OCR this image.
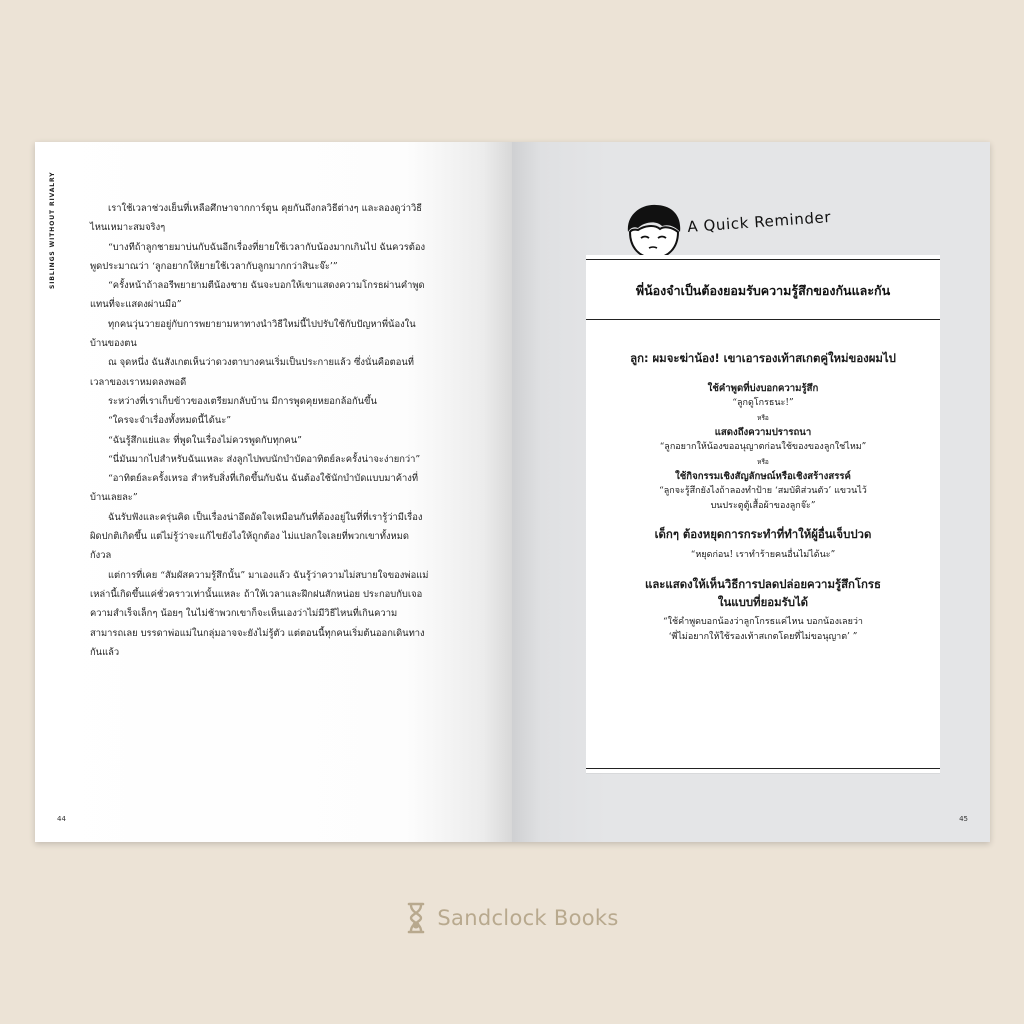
SIBLINGS WITHOUT RIVALRY	เราใช้เวลาช่วงเย็นที่เหลือศึกษาจากการ์ตูน คุยกันถึงกลวิธีต่างๆ และลองดูว่าวิธีไหนเหมาะสมจริงๆ

“บางทีถ้าลูกชายมาบ่นกับฉันอีกเรื่องที่ยายใช้เวลากับน้องมากเกินไป ฉันควรต้องพูดประมาณว่า ‘ลูกอยากให้ยายใช้เวลากับลูกมากกว่าสินะจ๊ะ’”

“ครั้งหน้าถ้าลอรีพยายามตีน้องชาย ฉันจะบอกให้เขาแสดงความโกรธผ่านคำพูดแทนที่จะแสดงผ่านมือ”

ทุกคนวุ่นวายอยู่กับการพยายามหาทางนำวิธีใหม่นี้ไปปรับใช้กับปัญหาพี่น้องในบ้านของตน

ณ จุดหนึ่ง ฉันสังเกตเห็นว่าดวงตาบางคนเริ่มเป็นประกายแล้ว ซึ่งนั่นคือตอนที่เวลาของเราหมดลงพอดี

ระหว่างที่เราเก็บข้าวของเตรียมกลับบ้าน มีการพูดคุยหยอกล้อกันขึ้น

“ใครจะจำเรื่องทั้งหมดนี้ได้นะ”

“ฉันรู้สึกแย่และ ที่พูดในเรื่องไม่ควรพูดกับทุกคน”

“นี่มันมากไปสำหรับฉันแหละ ส่งลูกไปพบนักบำบัดอาทิตย์ละครั้งน่าจะง่ายกว่า”

“อาทิตย์ละครั้งเหรอ สำหรับสิ่งที่เกิดขึ้นกับฉัน ฉันต้องใช้นักบำบัดแบบมาค้างที่บ้านเลยละ”

ฉันรับฟังและครุ่นคิด เป็นเรื่องน่าอึดอัดใจเหมือนกันที่ต้องอยู่ในที่ที่เรารู้ว่ามีเรื่องผิดปกติเกิดขึ้น แต่ไม่รู้ว่าจะแก้ไขยังไงให้ถูกต้อง ไม่แปลกใจเลยที่พวกเขาทั้งหมดกังวล

แต่การที่เคย “สัมผัสความรู้สึกนั้น” มาเองแล้ว ฉันรู้ว่าความไม่สบายใจของพ่อแม่เหล่านี้เกิดขึ้นแค่ชั่วคราวเท่านั้นแหละ ถ้าให้เวลาและฝึกฝนสักหน่อย ประกอบกับเจอความสำเร็จเล็กๆ น้อยๆ ในไม่ช้าพวกเขาก็จะเห็นเองว่าไม่มีวิธีไหนที่เกินความสามารถเลย บรรดาพ่อแม่ในกลุ่มอาจจะยังไม่รู้ตัว แต่ตอนนี้ทุกคนเริ่มต้นออกเดินทางกันแล้ว

44
A Quick Reminder
พี่น้องจำเป็นต้องยอมรับความรู้สึกของกันและกัน

ลูก: ผมจะฆ่าน้อง! เขาเอารองเท้าสเกตคู่ใหม่ของผมไป

ใช้คำพูดที่บ่งบอกความรู้สึก

“ลูกดูโกรธนะ!”

หรือ

แสดงถึงความปรารถนา

“ลูกอยากให้น้องขออนุญาตก่อนใช้ของของลูกใช่ไหม”

หรือ

ใช้กิจกรรมเชิงสัญลักษณ์หรือเชิงสร้างสรรค์

“ลูกจะรู้สึกยังไงถ้าลองทำป้าย ‘สมบัติส่วนตัว’ แขวนไว้

บนประตูตู้เสื้อผ้าของลูกจ๊ะ”

เด็กๆ ต้องหยุดการกระทำที่ทำให้ผู้อื่นเจ็บปวด

“หยุดก่อน! เราทำร้ายคนอื่นไม่ได้นะ”

และแสดงให้เห็นวิธีการปลดปล่อยความรู้สึกโกรธ

ในแบบที่ยอมรับได้

“ใช้คำพูดบอกน้องว่าลูกโกรธแค่ไหน บอกน้องเลยว่า

‘พี่ไม่อยากให้ใช้รองเท้าสเกตโดยที่ไม่ขอนุญาต’ ”

45
Sandclock Books
